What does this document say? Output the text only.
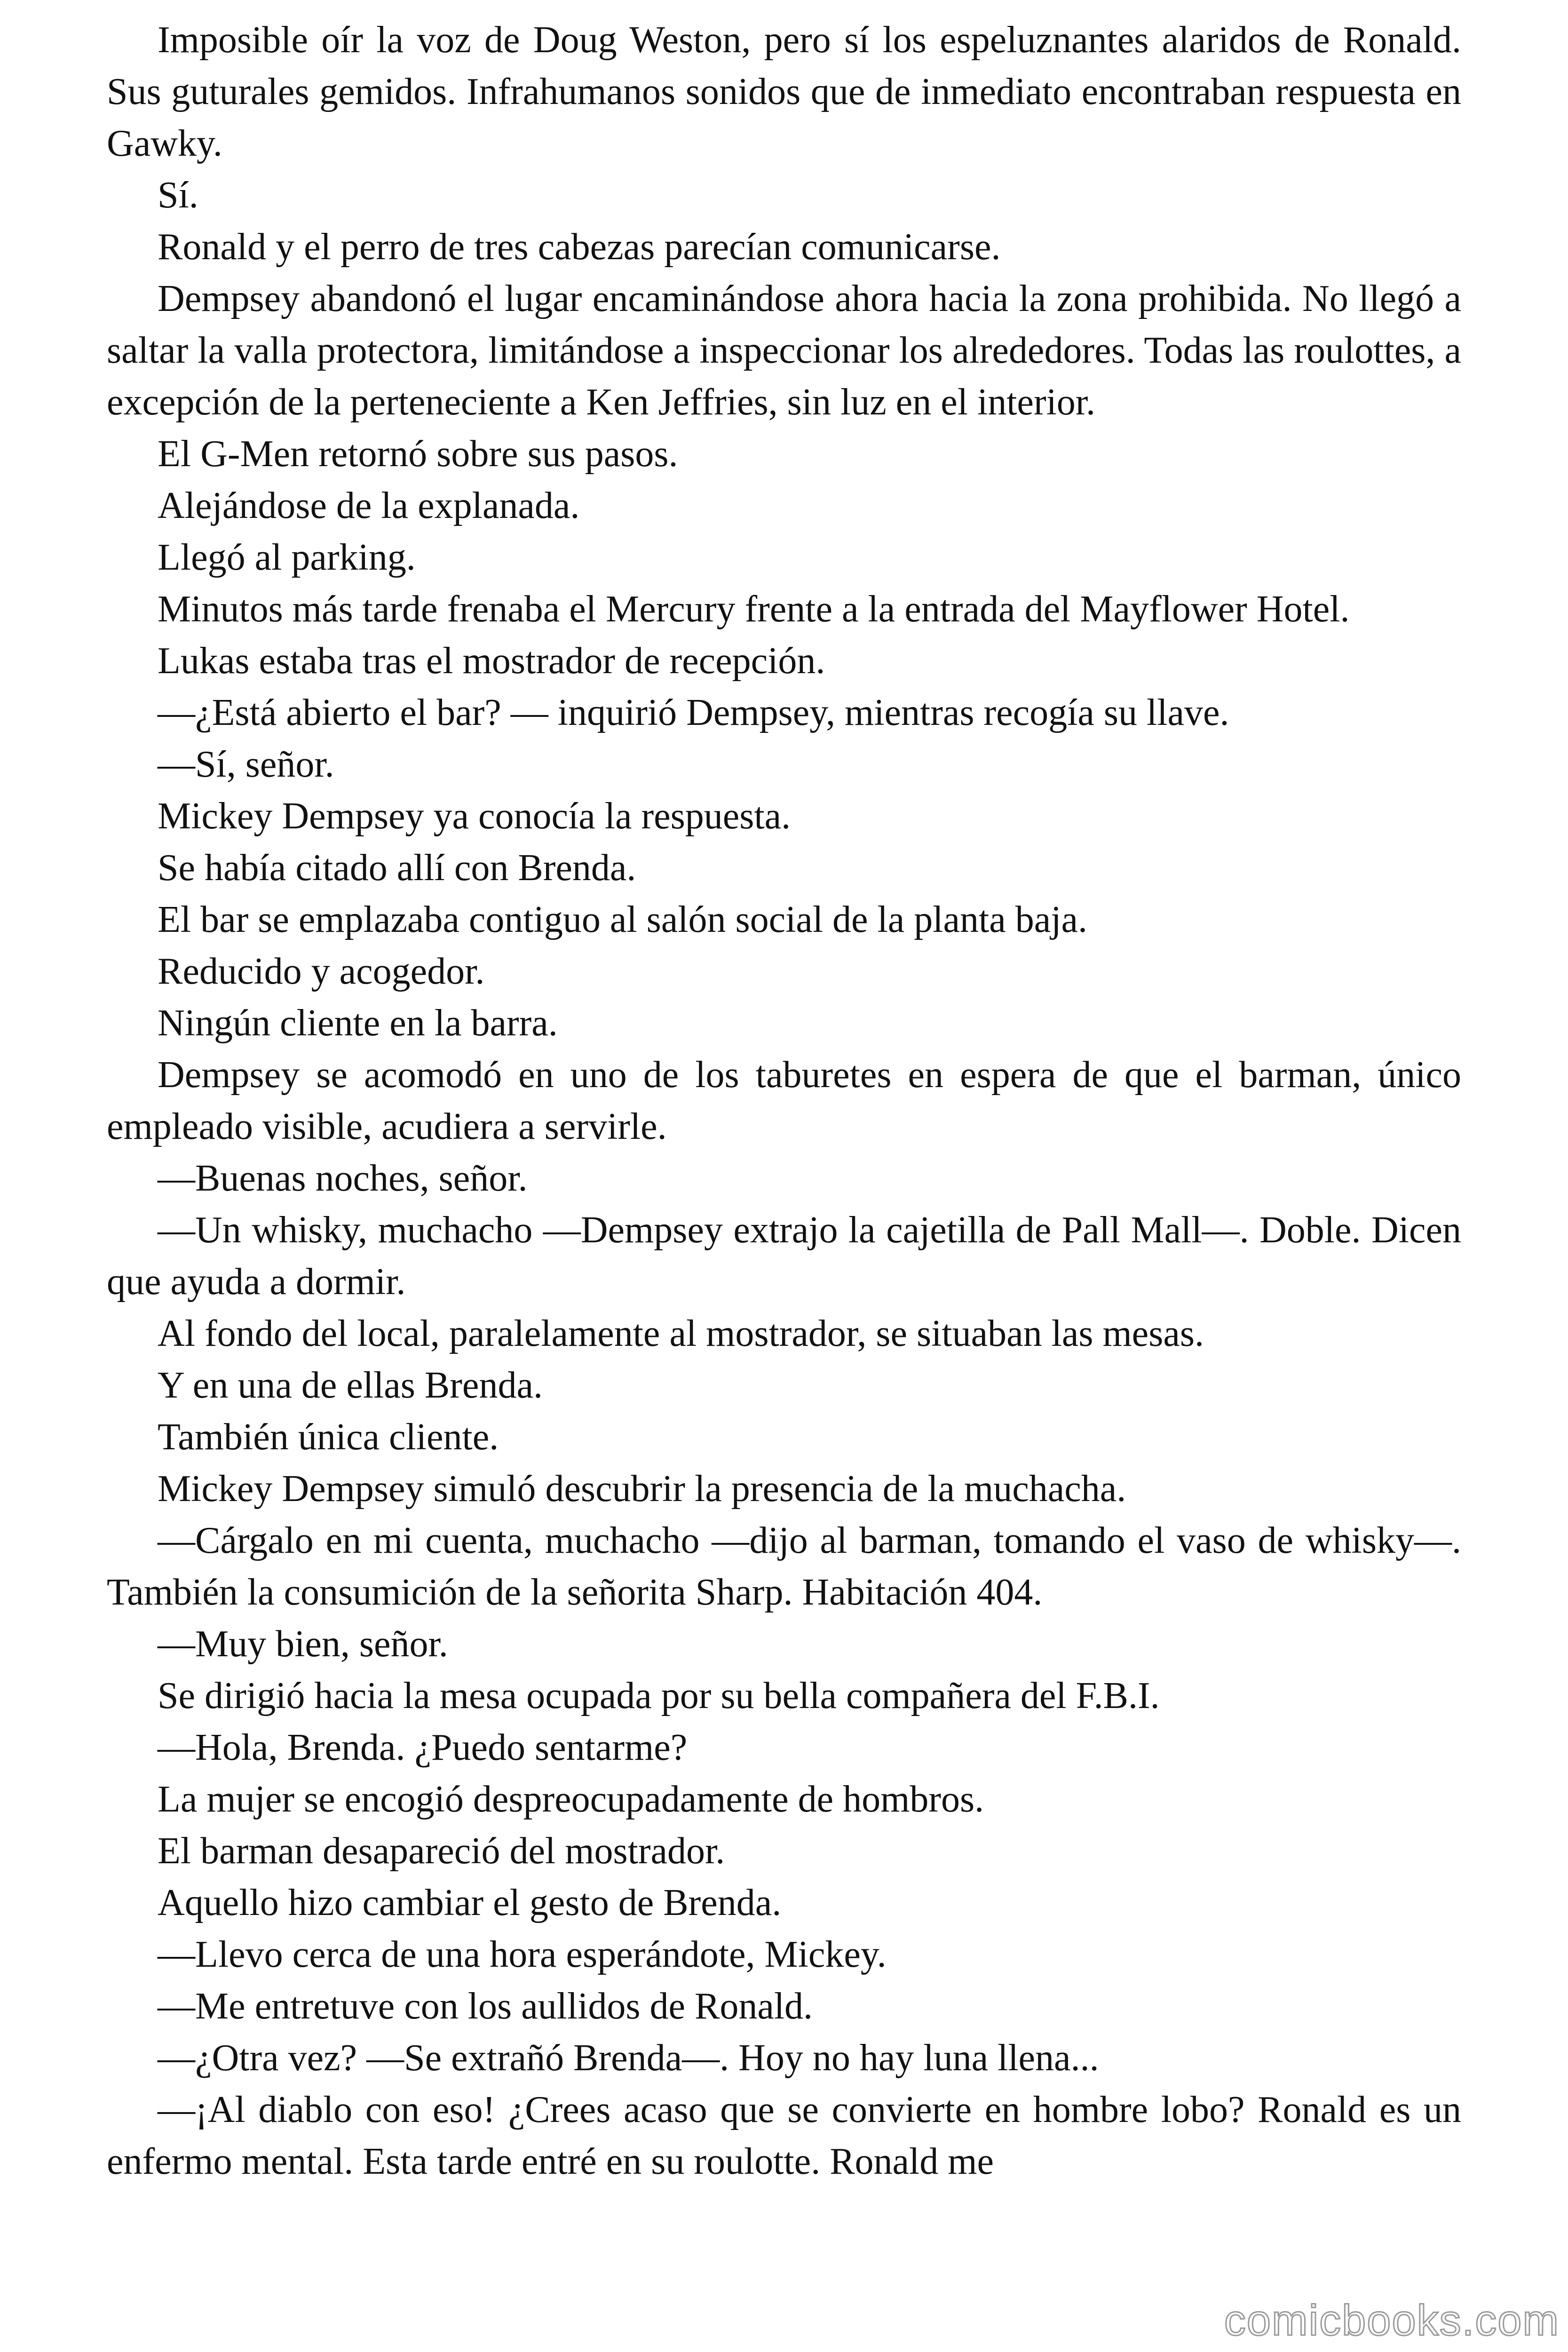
Imposible oír la voz de Doug Weston, pero sí los espeluznantes alaridos de Ronald. Sus guturales gemidos. Infrahumanos sonidos que de inmediato encontraban respuesta en Gawky.

Sí.

Ronald y el perro de tres cabezas parecían comunicarse.

Dempsey abandonó el lugar encaminándose ahora hacia la zona prohibida. No llegó a saltar la valla protectora, limitándose a inspeccionar los alrededores. Todas las roulottes, a excepción de la perteneciente a Ken Jeffries, sin luz en el interior.

El G-Men retornó sobre sus pasos.

Alejándose de la explanada.

Llegó al parking.

Minutos más tarde frenaba el Mercury frente a la entrada del Mayflower Hotel.

Lukas estaba tras el mostrador de recepción.

—¿Está abierto el bar? — inquirió Dempsey, mientras recogía su llave.

—Sí, señor.

Mickey Dempsey ya conocía la respuesta.

Se había citado allí con Brenda.

El bar se emplazaba contiguo al salón social de la planta baja.

Reducido y acogedor.

Ningún cliente en la barra.

Dempsey se acomodó en uno de los taburetes en espera de que el barman, único empleado visible, acudiera a servirle.

—Buenas noches, señor.

—Un whisky, muchacho —Dempsey extrajo la cajetilla de Pall Mall—. Doble. Dicen que ayuda a dormir.

Al fondo del local, paralelamente al mostrador, se situaban las mesas.

Y en una de ellas Brenda.

También única cliente.

Mickey Dempsey simuló descubrir la presencia de la muchacha.

—Cárgalo en mi cuenta, muchacho —dijo al barman, tomando el vaso de whisky—. También la consumición de la señorita Sharp. Habitación 404.

—Muy bien, señor.

Se dirigió hacia la mesa ocupada por su bella compañera del F.B.I.

—Hola, Brenda. ¿Puedo sentarme?

La mujer se encogió despreocupadamente de hombros.

El barman desapareció del mostrador.

Aquello hizo cambiar el gesto de Brenda.

—Llevo cerca de una hora esperándote, Mickey.

—Me entretuve con los aullidos de Ronald.

—¿Otra vez? —Se extrañó Brenda—. Hoy no hay luna llena...

—¡Al diablo con eso! ¿Crees acaso que se convierte en hombre lobo? Ronald es un enfermo mental. Esta tarde entré en su roulotte. Ronald me

comicbooks.com
